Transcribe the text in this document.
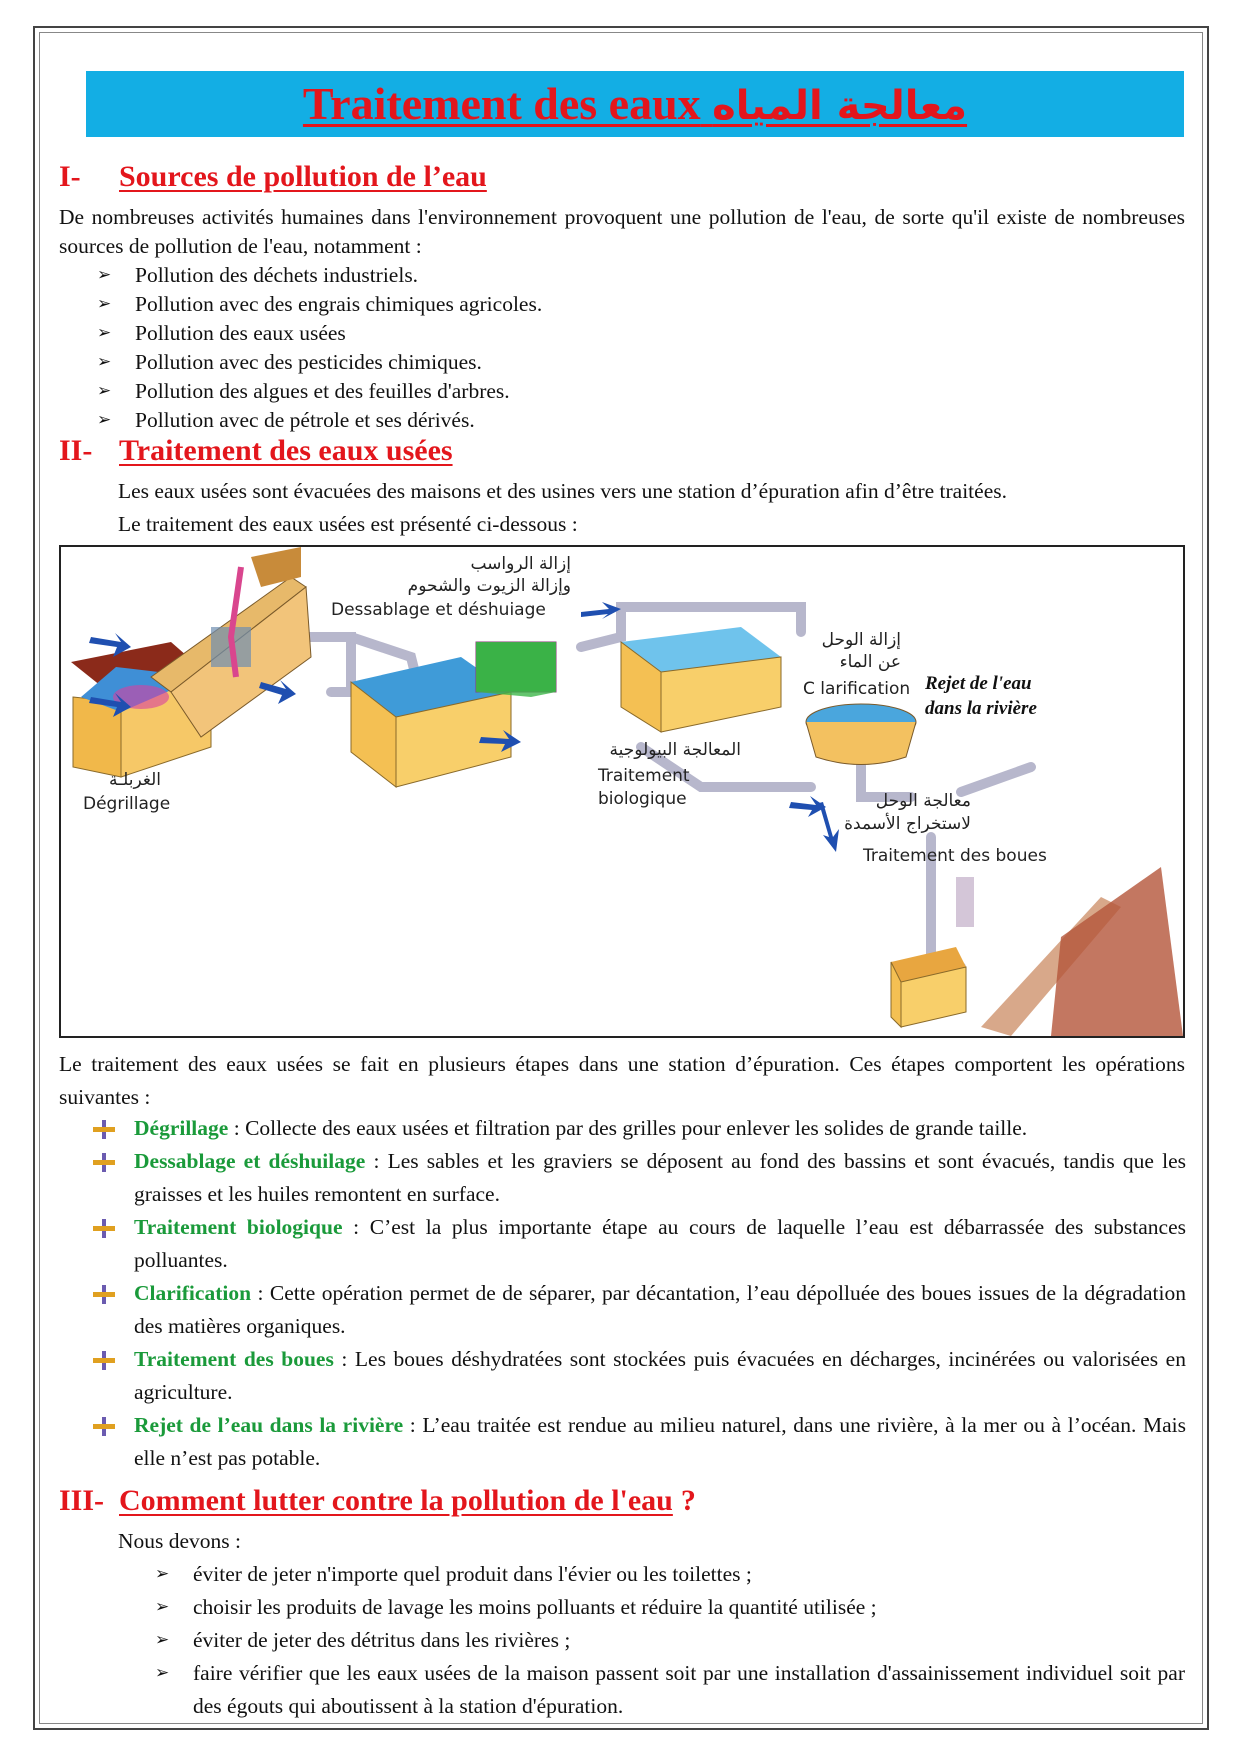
Traitement des eaux معالجة المياه
I-	Sources de pollution de l’eau

De nombreuses activités humaines dans l'environnement provoquent une pollution de l'eau, de sorte qu'il existe de nombreuses sources de pollution de l'eau, notamment :

➢ Pollution des déchets industriels.
➢ Pollution avec des engrais chimiques agricoles.
➢ Pollution des eaux usées
➢ Pollution avec des pesticides chimiques.
➢ Pollution des algues et des feuilles d'arbres.
➢ Pollution avec de pétrole et ses dérivés.
II- Traitement des eaux usées

Les eaux usées sont évacuées des maisons et des usines vers une station d’épuration afin d’être traitées.

Le traitement des eaux usées est présenté ci-dessous :

الغربلـة
Dégrillage
إزالة الرواسب
وإزالة الزيوت والشحوم
Dessablage et déshuiage
المعالجة البيولوجية
Traitement
biologique
إزالة الوحل
عن الماء
C larification Rejet de l'eau
dans la rivière
معالجة الوحل
لاستخراج الأسمدة
Traitement des boues

Le traitement des eaux usées se fait en plusieurs étapes dans une station d’épuration. Ces étapes comportent les opérations suivantes :

Dégrillage : Collecte des eaux usées et filtration par des grilles pour enlever les solides de grande taille.
Dessablage et déshuilage : Les sables et les graviers se déposent au fond des bassins et sont évacués, tandis que les graisses et les huiles remontent en surface.
Traitement biologique : C’est la plus importante étape au cours de laquelle l’eau est débarrassée des substances polluantes.
Clarification : Cette opération permet de de séparer, par décantation, l’eau dépolluée des boues issues de la dégradation des matières organiques.
Traitement des boues : Les boues déshydratées sont stockées puis évacuées en décharges, incinérées ou valorisées en agriculture.
Rejet de l’eau dans la rivière : L’eau traitée est rendue au milieu naturel, dans une rivière, à la mer ou à l’océan. Mais elle n’est pas potable.
III- Comment lutter contre la pollution de l'eau ?

Nous devons :

➢ éviter de jeter n'importe quel produit dans l'évier ou les toilettes ;
➢ choisir les produits de lavage les moins polluants et réduire la quantité utilisée ;
➢ éviter de jeter des détritus dans les rivières ;
➢ faire vérifier que les eaux usées de la maison passent soit par une installation d'assainissement individuel soit par des égouts qui aboutissent à la station d'épuration.
